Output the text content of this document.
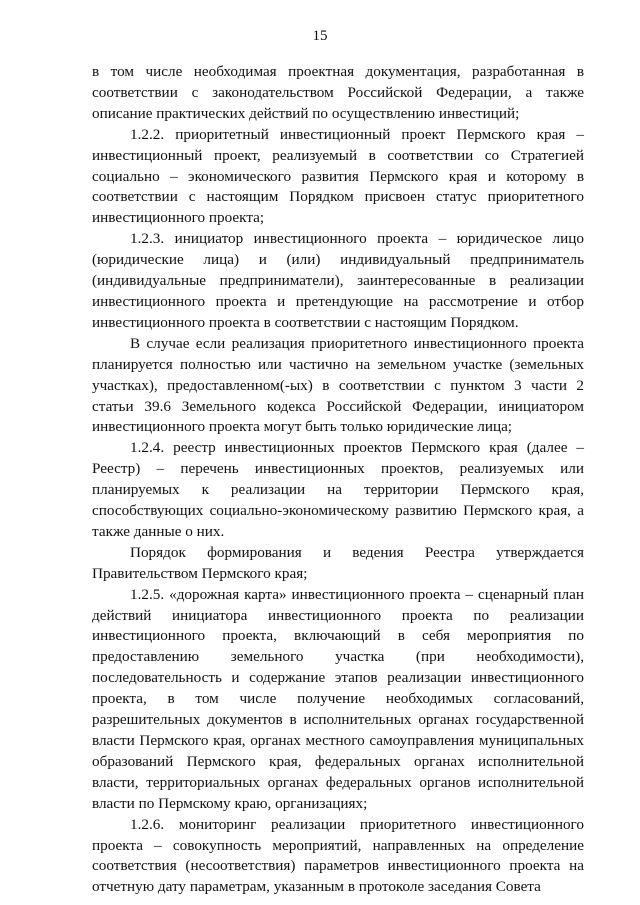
15

в том числе необходимая проектная документация, разработанная в соответствии с законодательством Российской Федерации, а также описание практических действий по осуществлению инвестиций;

1.2.2. приоритетный инвестиционный проект Пермского края – инвестиционный проект, реализуемый в соответствии со Стратегией социально – экономического развития Пермского края и которому в соответствии с настоящим Порядком присвоен статус приоритетного инвестиционного проекта;

1.2.3. инициатор инвестиционного проекта – юридическое лицо (юридические лица) и (или) индивидуальный предприниматель (индивидуальные предприниматели), заинтересованные в реализации инвестиционного проекта и претендующие на рассмотрение и отбор инвестиционного проекта в соответствии с настоящим Порядком.

В случае если реализация приоритетного инвестиционного проекта планируется полностью или частично на земельном участке (земельных участках), предоставленном(-ых) в соответствии с пунктом 3 части 2 статьи 39.6 Земельного кодекса Российской Федерации, инициатором инвестиционного проекта могут быть только юридические лица;

1.2.4. реестр инвестиционных проектов Пермского края (далее – Реестр) – перечень инвестиционных проектов, реализуемых или планируемых к реализации на территории Пермского края, способствующих социально-экономическому развитию Пермского края, а также данные о них.

Порядок формирования и ведения Реестра утверждается Правительством Пермского края;

1.2.5. «дорожная карта» инвестиционного проекта – сценарный план действий инициатора инвестиционного проекта по реализации инвестиционного проекта, включающий в себя мероприятия по предоставлению земельного участка (при необходимости), последовательность и содержание этапов реализации инвестиционного проекта, в том числе получение необходимых согласований, разрешительных документов в исполнительных органах государственной власти Пермского края, органах местного самоуправления муниципальных образований Пермского края, федеральных органах исполнительной власти, территориальных органах федеральных органов исполнительной власти по Пермскому краю, организациях;

1.2.6. мониторинг реализации приоритетного инвестиционного проекта – совокупность мероприятий, направленных на определение соответствия (несоответствия) параметров инвестиционного проекта на отчетную дату параметрам, указанным в протоколе заседания Совета
